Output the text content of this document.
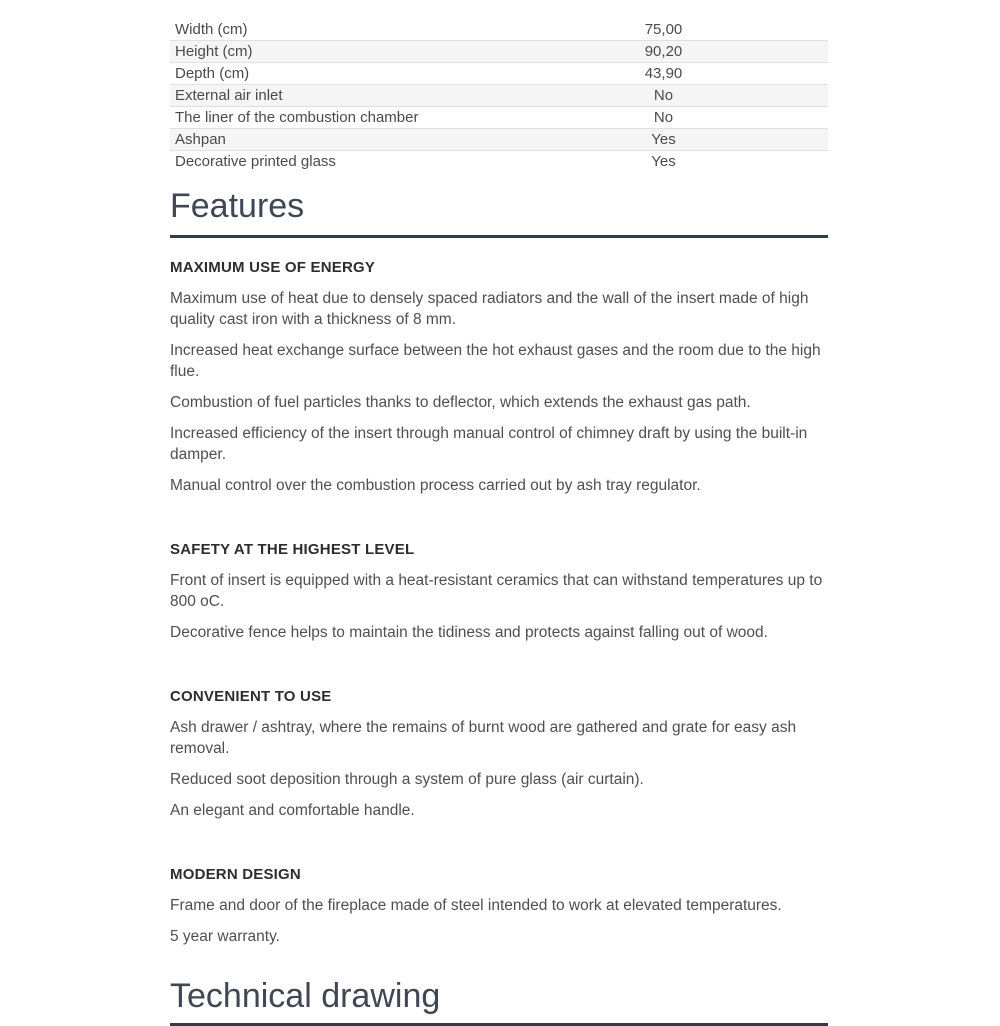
Width (cm)	75,00
Height (cm)	90,20
Depth (cm)	43,90
External air inlet	No
The liner of the combustion chamber	No
Ashpan	Yes
Decorative printed glass	Yes
Features
MAXIMUM USE OF ENERGY

Maximum use of heat due to densely spaced radiators and the wall of the insert made of high quality cast iron with a thickness of 8 mm.

Increased heat exchange surface between the hot exhaust gases and the room due to the high flue.

Combustion of fuel particles thanks to deflector, which extends the exhaust gas path.

Increased efficiency of the insert through manual control of chimney draft by using the built-in damper.

Manual control over the combustion process carried out by ash tray regulator.

SAFETY AT THE HIGHEST LEVEL

Front of insert is equipped with a heat-resistant ceramics that can withstand temperatures up to 800 oC.

Decorative fence helps to maintain the tidiness and protects against falling out of wood.

CONVENIENT TO USE

Ash drawer / ashtray, where the remains of burnt wood are gathered and grate for easy ash removal.

Reduced soot deposition through a system of pure glass (air curtain).

An elegant and comfortable handle.

MODERN DESIGN

Frame and door of the fireplace made of steel intended to work at elevated temperatures.

5 year warranty.

Technical drawing
